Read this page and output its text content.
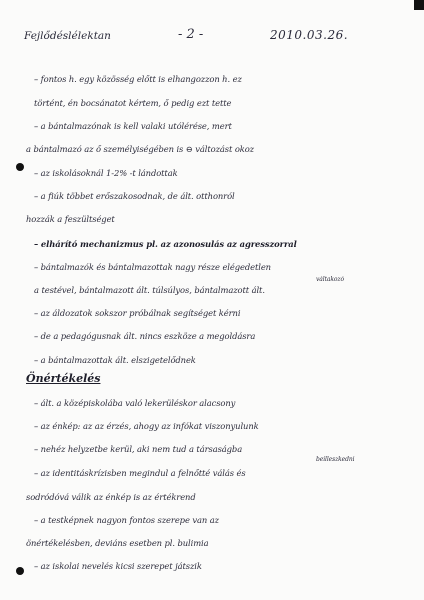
Fejlődéslélektan	- 2 -	2010.03.26.
– fontos h. egy közösség előtt is elhangozzon h. ez
történt, én bocsánatot kértem, ő pedig ezt tette
– a bántalmazónak is kell valaki utólérése, mert
a bántalmazó az ő személyiségében is ⊖ változást okoz
– az iskolásoknál 1-2% -t lándottak
– a fiúk többet erőszakosodnak, de ált. otthonról
hozzák a feszültséget
– elhárító mechanizmus pl. az azonosulás az agresszorral
– bántalmazók és bántalmazottak nagy része elégedetlen
váltakozó
a testével, bántalmazott ált. túlsúlyos, bántalmazott ált.
– az áldozatok sokszor próbálnak segítséget kérni
– de a pedagógusnak ált. nincs eszköze a megoldásra
– a bántalmazottak ált. elszigetelődnek
Önértékelés
– ált. a középiskolába való lekerüléskor alacsony
– az énkép: az az érzés, ahogy az infókat viszonyulunk
– nehéz helyzetbe kerül, aki nem tud a társaságba
beilleszkedni
– az identitáskrízisben megindul a felnőtté válás és
sodródóvá válik az énkép is az értékrend
– a testképnek nagyon fontos szerepe van az
önértékelésben, deviáns esetben pl. bulimia
– az iskolai nevelés kicsi szerepet játszik
